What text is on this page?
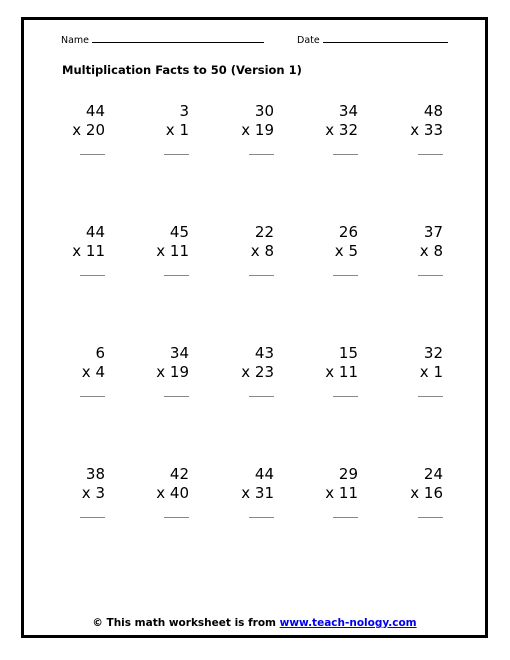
Name	Date
Multiplication Facts to 50 (Version 1)
44
x 20
3
x 1
30
x 19
34
x 32
48
x 33
44
x 11
45
x 11
22
x 8
26
x 5
37
x 8
6
x 4
34
x 19
43
x 23
15
x 11
32
x 1
38
x 3
42
x 40
44
x 31
29
x 11
24
x 16
© This math worksheet is from www.teach-nology.com
